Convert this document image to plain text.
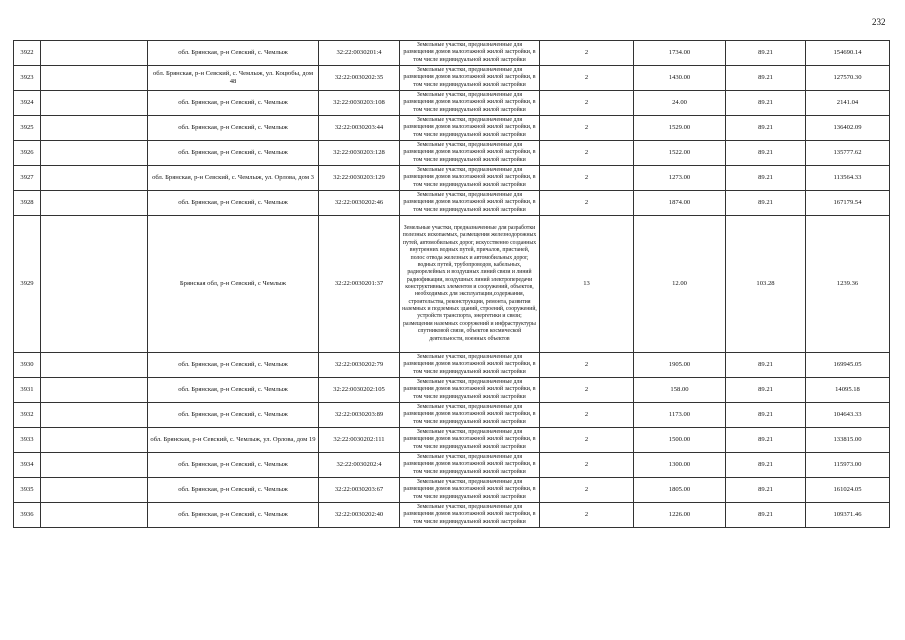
232
3922		обл. Брянская, р-н Севский, с. Чемлыж	32:22:0030201:4	Земельные участки, предназначенные для размещения домов малоэтажной жилой застройки, в том числе индивидуальной жилой застройки	2	1734.00	89.21	154690.14
3923		обл. Брянская, р-н Севский, с. Чемлыж, ул. Коцюбы, дом 48	32:22:0030202:35	Земельные участки, предназначенные для размещения домов малоэтажной жилой застройки, в том числе индивидуальной жилой застройки	2	1430.00	89.21	127570.30
3924		обл. Брянская, р-н Севский, с. Чемлыж	32:22:0030203:108	Земельные участки, предназначенные для размещения домов малоэтажной жилой застройки, в том числе индивидуальной жилой застройки	2	24.00	89.21	2141.04
3925		обл. Брянская, р-н Севский, с. Чемлыж	32:22:0030203:44	Земельные участки, предназначенные для размещения домов малоэтажной жилой застройки, в том числе индивидуальной жилой застройки	2	1529.00	89.21	136402.09
3926		обл. Брянская, р-н Севский, с. Чемлыж	32:22:0030203:128	Земельные участки, предназначенные для размещения домов малоэтажной жилой застройки, в том числе индивидуальной жилой застройки	2	1522.00	89.21	135777.62
3927		обл. Брянская, р-н Севский, с. Чемлыж, ул. Орлова, дом 3	32:22:0030203:129	Земельные участки, предназначенные для размещения домов малоэтажной жилой застройки, в том числе индивидуальной жилой застройки	2	1273.00	89.21	113564.33
3928		обл. Брянская, р-н Севский, с. Чемлыж	32:22:0030202:46	Земельные участки, предназначенные для размещения домов малоэтажной жилой застройки, в том числе индивидуальной жилой застройки	2	1874.00	89.21	167179.54
3929		Брянская обл, р-н Севский, с Чемлыж	32:22:0030201:37	Земельные участки, предназначенные для разработки полезных ископаемых, размещения железнодорожных путей, автомобильных дорог, искусственно созданных внутренних водных путей, причалов, пристаней, полос отвода железных и автомобильных дорог, водных путей, трубопроводов, кабельных, радиорелейных и воздушных линий связи и линий радиофикации, воздушных линий электропередачи конструктивных элементов и сооружений, объектов, необходимых для эксплуатации,содержания, строительства, реконструкции, ремонта, развития наземных и подземных зданий, строений, сооружений, устройств транспорта, энергетики и связи; размещения наземных сооружений и инфраструктуры спутниковой связи, объектов космической деятельности, военных объектов	13	12.00	103.28	1239.36
3930		обл. Брянская, р-н Севский, с. Чемлыж	32:22:0030202:79	Земельные участки, предназначенные для размещения домов малоэтажной жилой застройки, в том числе индивидуальной жилой застройки	2	1905.00	89.21	169945.05
3931		обл. Брянская, р-н Севский, с. Чемлыж	32:22:0030202:105	Земельные участки, предназначенные для размещения домов малоэтажной жилой застройки, в том числе индивидуальной жилой застройки	2	158.00	89.21	14095.18
3932		обл. Брянская, р-н Севский, с. Чемлыж	32:22:0030203:89	Земельные участки, предназначенные для размещения домов малоэтажной жилой застройки, в том числе индивидуальной жилой застройки	2	1173.00	89.21	104643.33
3933		обл. Брянская, р-н Севский, с. Чемлыж, ул. Орлова, дом 19	32:22:0030202:111	Земельные участки, предназначенные для размещения домов малоэтажной жилой застройки, в том числе индивидуальной жилой застройки	2	1500.00	89.21	133815.00
3934		обл. Брянская, р-н Севский, с. Чемлыж	32:22:0030202:4	Земельные участки, предназначенные для размещения домов малоэтажной жилой застройки, в том числе индивидуальной жилой застройки	2	1300.00	89.21	115973.00
3935		обл. Брянская, р-н Севский, с. Чемлыж	32:22:0030203:67	Земельные участки, предназначенные для размещения домов малоэтажной жилой застройки, в том числе индивидуальной жилой застройки	2	1805.00	89.21	161024.05
3936		обл. Брянская, р-н Севский, с. Чемлыж	32:22:0030202:40	Земельные участки, предназначенные для размещения домов малоэтажной жилой застройки, в том числе индивидуальной жилой застройки	2	1226.00	89.21	109371.46
